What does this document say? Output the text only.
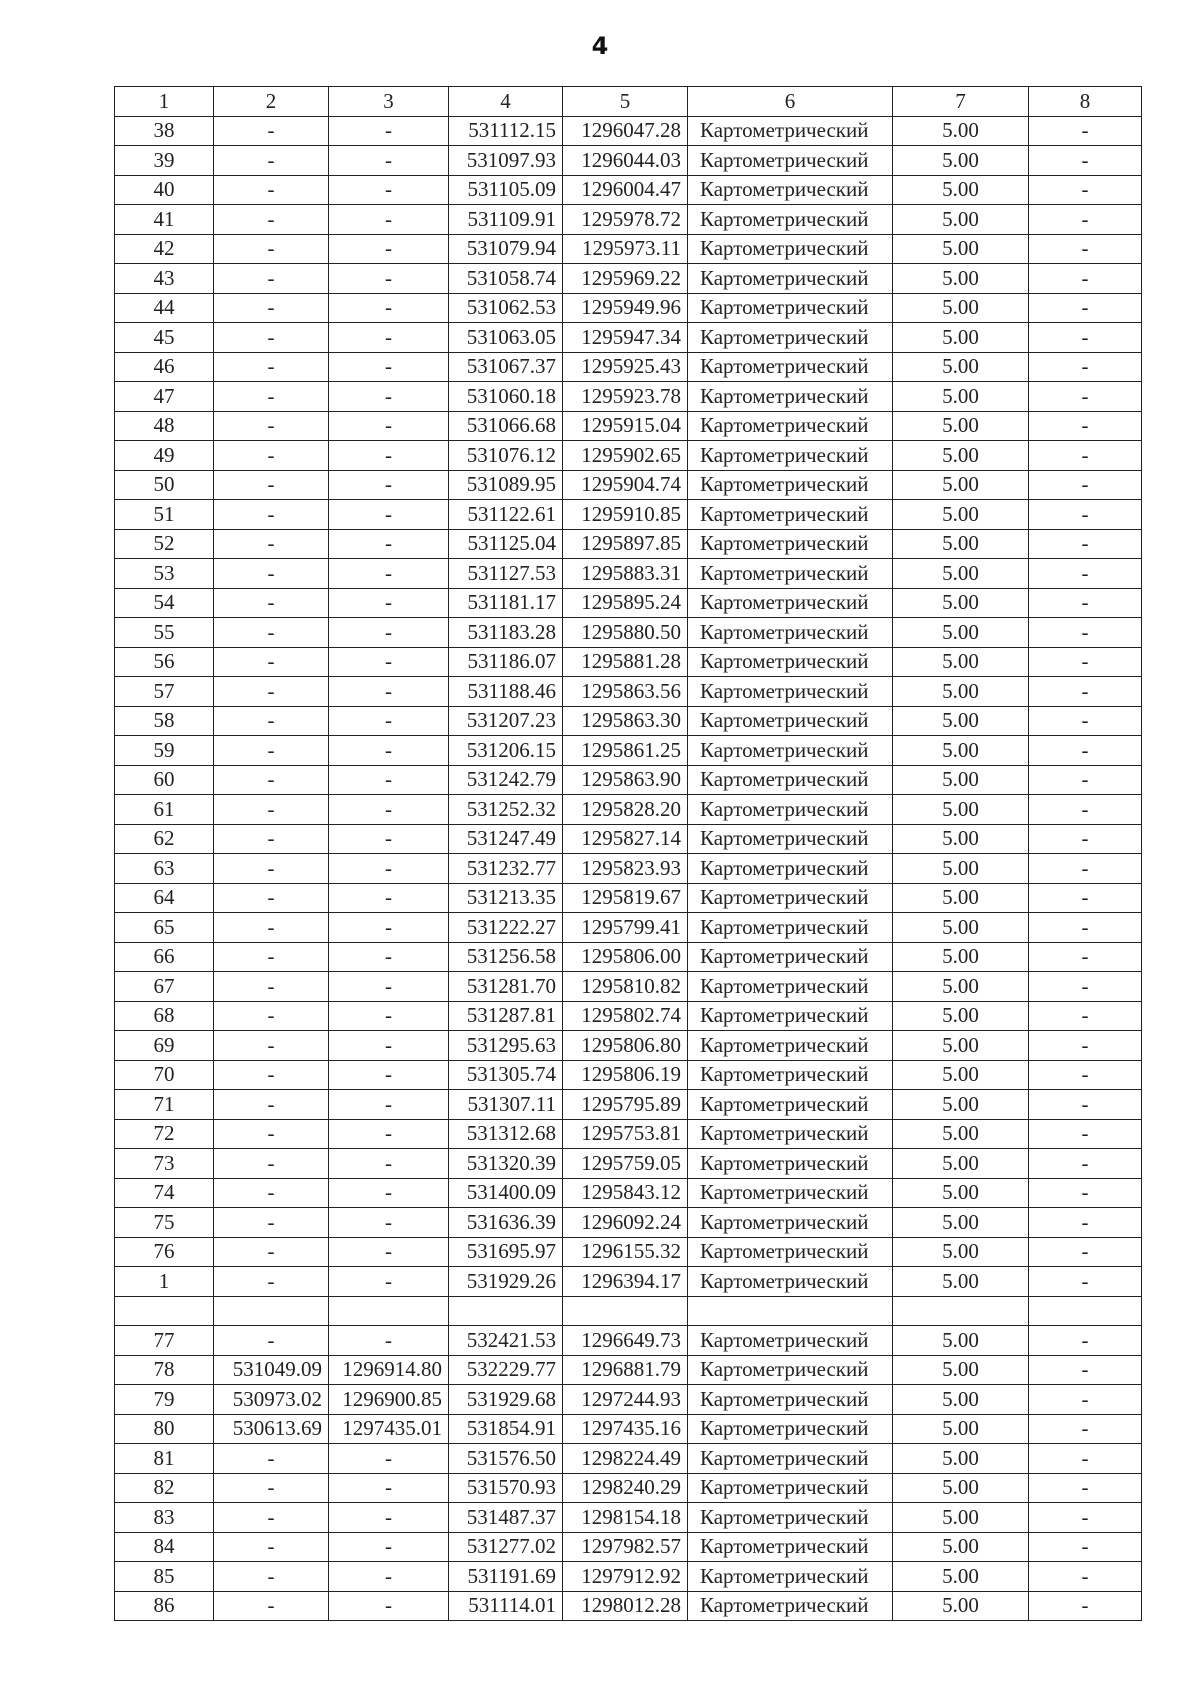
4
1	2	3	4	5	6	7	8
38	-	-	531112.15	1296047.28	Картометрический	5.00	-
39	-	-	531097.93	1296044.03	Картометрический	5.00	-
40	-	-	531105.09	1296004.47	Картометрический	5.00	-
41	-	-	531109.91	1295978.72	Картометрический	5.00	-
42	-	-	531079.94	1295973.11	Картометрический	5.00	-
43	-	-	531058.74	1295969.22	Картометрический	5.00	-
44	-	-	531062.53	1295949.96	Картометрический	5.00	-
45	-	-	531063.05	1295947.34	Картометрический	5.00	-
46	-	-	531067.37	1295925.43	Картометрический	5.00	-
47	-	-	531060.18	1295923.78	Картометрический	5.00	-
48	-	-	531066.68	1295915.04	Картометрический	5.00	-
49	-	-	531076.12	1295902.65	Картометрический	5.00	-
50	-	-	531089.95	1295904.74	Картометрический	5.00	-
51	-	-	531122.61	1295910.85	Картометрический	5.00	-
52	-	-	531125.04	1295897.85	Картометрический	5.00	-
53	-	-	531127.53	1295883.31	Картометрический	5.00	-
54	-	-	531181.17	1295895.24	Картометрический	5.00	-
55	-	-	531183.28	1295880.50	Картометрический	5.00	-
56	-	-	531186.07	1295881.28	Картометрический	5.00	-
57	-	-	531188.46	1295863.56	Картометрический	5.00	-
58	-	-	531207.23	1295863.30	Картометрический	5.00	-
59	-	-	531206.15	1295861.25	Картометрический	5.00	-
60	-	-	531242.79	1295863.90	Картометрический	5.00	-
61	-	-	531252.32	1295828.20	Картометрический	5.00	-
62	-	-	531247.49	1295827.14	Картометрический	5.00	-
63	-	-	531232.77	1295823.93	Картометрический	5.00	-
64	-	-	531213.35	1295819.67	Картометрический	5.00	-
65	-	-	531222.27	1295799.41	Картометрический	5.00	-
66	-	-	531256.58	1295806.00	Картометрический	5.00	-
67	-	-	531281.70	1295810.82	Картометрический	5.00	-
68	-	-	531287.81	1295802.74	Картометрический	5.00	-
69	-	-	531295.63	1295806.80	Картометрический	5.00	-
70	-	-	531305.74	1295806.19	Картометрический	5.00	-
71	-	-	531307.11	1295795.89	Картометрический	5.00	-
72	-	-	531312.68	1295753.81	Картометрический	5.00	-
73	-	-	531320.39	1295759.05	Картометрический	5.00	-
74	-	-	531400.09	1295843.12	Картометрический	5.00	-
75	-	-	531636.39	1296092.24	Картометрический	5.00	-
76	-	-	531695.97	1296155.32	Картометрический	5.00	-
1	-	-	531929.26	1296394.17	Картометрический	5.00	-

77	-	-	532421.53	1296649.73	Картометрический	5.00	-
78	531049.09	1296914.80	532229.77	1296881.79	Картометрический	5.00	-
79	530973.02	1296900.85	531929.68	1297244.93	Картометрический	5.00	-
80	530613.69	1297435.01	531854.91	1297435.16	Картометрический	5.00	-
81	-	-	531576.50	1298224.49	Картометрический	5.00	-
82	-	-	531570.93	1298240.29	Картометрический	5.00	-
83	-	-	531487.37	1298154.18	Картометрический	5.00	-
84	-	-	531277.02	1297982.57	Картометрический	5.00	-
85	-	-	531191.69	1297912.92	Картометрический	5.00	-
86	-	-	531114.01	1298012.28	Картометрический	5.00	-
